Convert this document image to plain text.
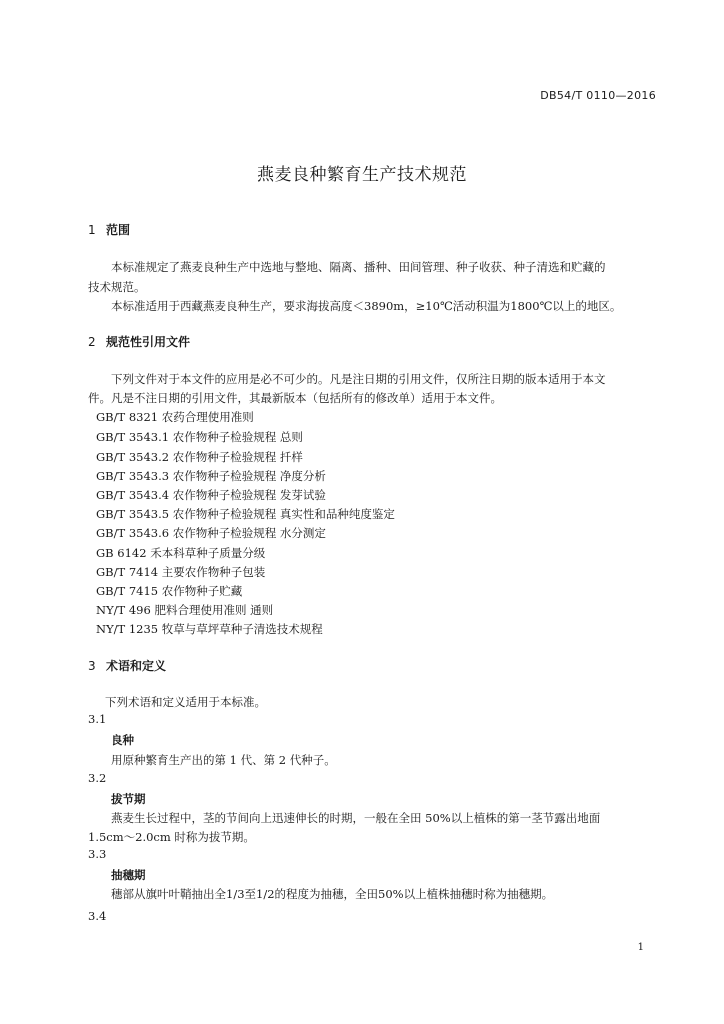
DB54/T 0110—2016
燕麦良种繁育生产技术规范
1 范围
本标准规定了燕麦良种生产中选地与整地、隔离、播种、田间管理、种子收获、种子清选和贮藏的
技术规范。
本标准适用于西藏燕麦良种生产，要求海拔高度＜3890m，≥10℃活动积温为1800℃以上的地区。
2 规范性引用文件
下列文件对于本文件的应用是必不可少的。凡是注日期的引用文件，仅所注日期的版本适用于本文
件。凡是不注日期的引用文件，其最新版本（包括所有的修改单）适用于本文件。
GB/T 8321 农药合理使用准则
GB/T 3543.1 农作物种子检验规程 总则
GB/T 3543.2 农作物种子检验规程 扦样
GB/T 3543.3 农作物种子检验规程 净度分析
GB/T 3543.4 农作物种子检验规程 发芽试验
GB/T 3543.5 农作物种子检验规程 真实性和品种纯度鉴定
GB/T 3543.6 农作物种子检验规程 水分测定
GB 6142 禾本科草种子质量分级
GB/T 7414 主要农作物种子包装
GB/T 7415 农作物种子贮藏
NY/T 496 肥料合理使用准则 通则
NY/T 1235 牧草与草坪草种子清选技术规程
3 术语和定义
下列术语和定义适用于本标准。
3.1
良种
用原种繁育生产出的第 1 代、第 2 代种子。
3.2
拔节期
燕麦生长过程中，茎的节间向上迅速伸长的时期，一般在全田 50%以上植株的第一茎节露出地面
1.5cm～2.0cm 时称为拔节期。
3.3
抽穗期
穗部从旗叶叶鞘抽出全1/3至1/2的程度为抽穗，全田50%以上植株抽穗时称为抽穗期。
3.4
1
